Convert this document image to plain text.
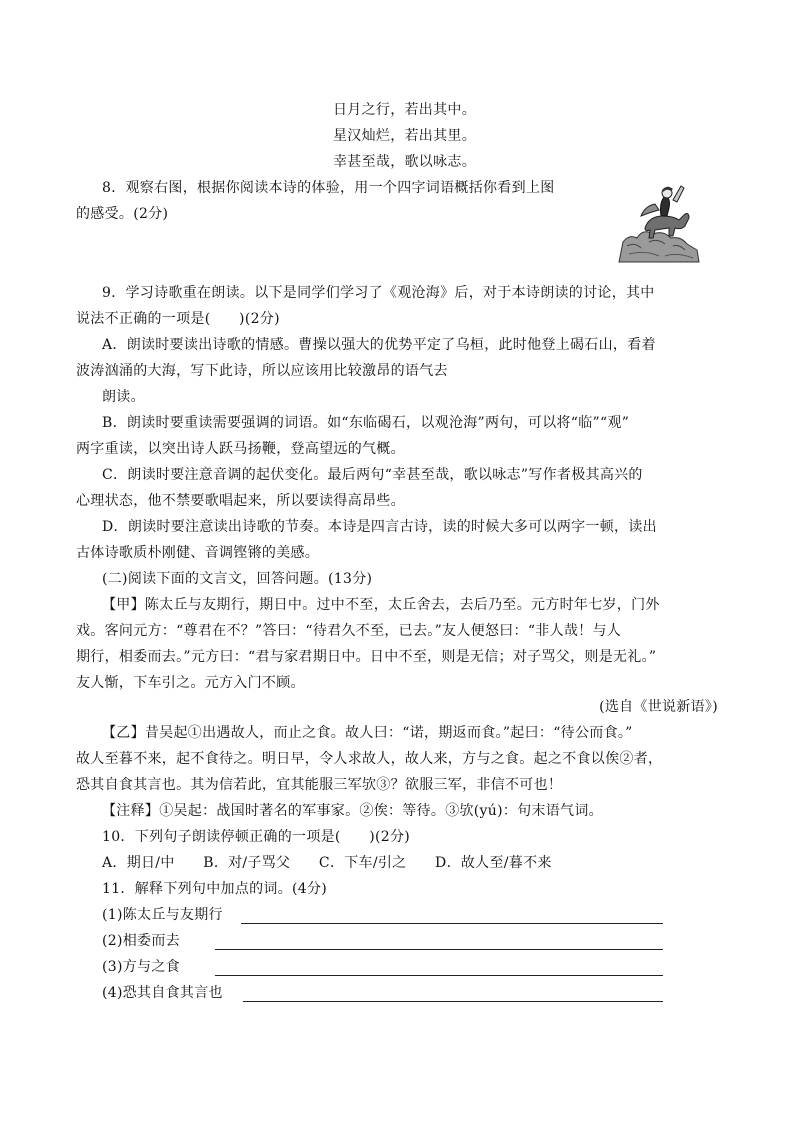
日月之行，若出其中。
星汉灿烂，若出其里。
幸甚至哉，歌以咏志。
8．观察右图，根据你阅读本诗的体验，用一个四字词语概括你看到上图
的感受。(2分)
9．学习诗歌重在朗读。以下是同学们学习了《观沧海》后，对于本诗朗读的讨论，其中
说法不正确的一项是(　　)(2分)
A．朗读时要读出诗歌的情感。曹操以强大的优势平定了乌桓，此时他登上碣石山，看着
波涛汹涌的大海，写下此诗，所以应该用比较激昂的语气去
朗读。
B．朗读时要重读需要强调的词语。如“东临碣石，以观沧海”两句，可以将“临”“观”
两字重读，以突出诗人跃马扬鞭，登高望远的气概。
C．朗读时要注意音调的起伏变化。最后两句“幸甚至哉，歌以咏志”写作者极其高兴的
心理状态，他不禁要歌唱起来，所以要读得高昂些。
D．朗读时要注意读出诗歌的节奏。本诗是四言古诗，读的时候大多可以两字一顿，读出
古体诗歌质朴刚健、音调铿锵的美感。
(二)阅读下面的文言文，回答问题。(13分)
【甲】陈太丘与友期行，期日中。过中不至，太丘舍去，去后乃至。元方时年七岁，门外
戏。客问元方：“尊君在不？”答曰：“待君久不至，已去。”友人便怒曰：“非人哉！与人
期行，相委而去。”元方曰：“君与家君期日中。日中不至，则是无信；对子骂父，则是无礼。”
友人惭，下车引之。元方入门不顾。
(选自《世说新语》)
【乙】昔吴起①出遇故人，而止之食。故人曰：“诺，期返而食。”起曰：“待公而食。”
故人至暮不来，起不食待之。明日早，令人求故人，故人来，方与之食。起之不食以俟②者，
恐其自食其言也。其为信若此，宜其能服三军欤③？欲服三军，非信不可也！
【注释】①吴起：战国时著名的军事家。②俟：等待。③欤(yú)：句末语气词。
10．下列句子朗读停顿正确的一项是(　　)(2分)
A．期日/中　　B．对/子骂父　　C．下车/引之　　D．故人至/暮不来
11．解释下列句中加点的词。(4分)
(1)陈太丘与友期行
(2)相委而去
(3)方与之食
(4)恐其自食其言也
